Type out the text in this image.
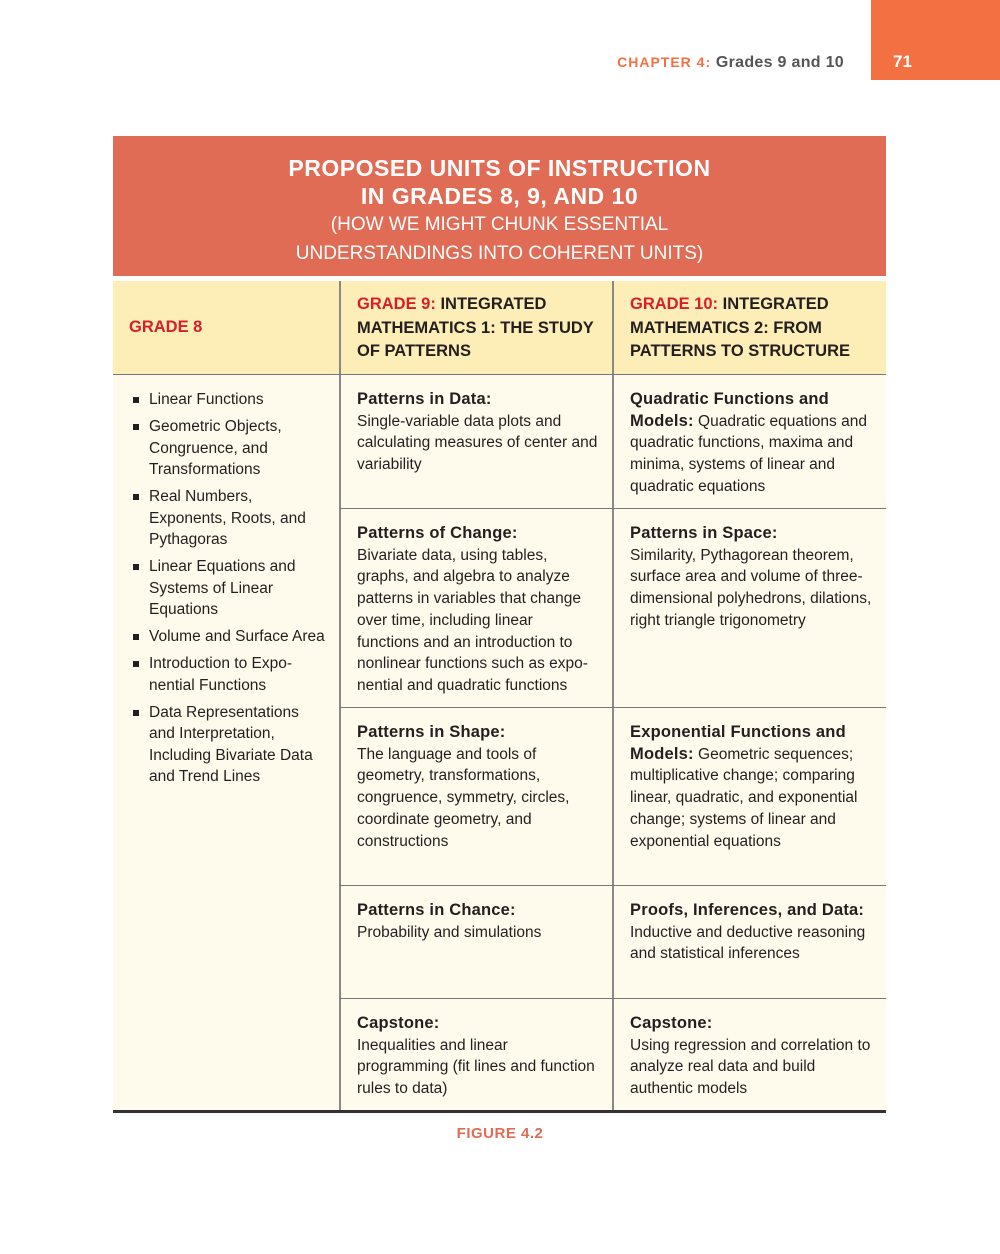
71
CHAPTER 4: Grades 9 and 10
PROPOSED UNITS OF INSTRUCTION
IN GRADES 8, 9, AND 10
(HOW WE MIGHT CHUNK ESSENTIAL
UNDERSTANDINGS INTO COHERENT UNITS)
GRADE 8
GRADE 9: INTEGRATED MATHEMATICS 1: THE STUDY OF PATTERNS
GRADE 10: INTEGRATED MATHEMATICS 2: FROM PATTERNS TO STRUCTURE
Linear Functions
Geometric Objects, Congruence, and Transformations
Real Numbers, Exponents, Roots, and Pythagoras
Linear Equations and Systems of Linear Equations
Volume and Surface Area
Introduction to Expo-nential Functions
Data Representations and Interpretation, Including Bivariate Data and Trend Lines
Patterns in Data:
Single-variable data plots and calculating measures of center and variability
Quadratic Functions and Models: Quadratic equations and quadratic functions, maxima and minima, systems of linear and quadratic equations
Patterns of Change:
Bivariate data, using tables, graphs, and algebra to analyze patterns in variables that change over time, including linear functions and an introduction to nonlinear functions such as expo-nential and quadratic functions
Patterns in Space:
Similarity, Pythagorean theorem, surface area and volume of three-dimensional polyhedrons, dilations, right triangle trigonometry
Patterns in Shape:
The language and tools of geometry, transformations, congruence, symmetry, circles, coordinate geometry, and constructions
Exponential Functions and Models: Geometric sequences; multiplicative change; comparing linear, quadratic, and exponential change; systems of linear and exponential equations
Patterns in Chance:
Probability and simulations
Proofs, Inferences, and Data: Inductive and deductive reasoning and statistical inferences
Capstone:
Inequalities and linear programming (fit lines and function rules to data)
Capstone:
Using regression and correlation to analyze real data and build authentic models
FIGURE 4.2
